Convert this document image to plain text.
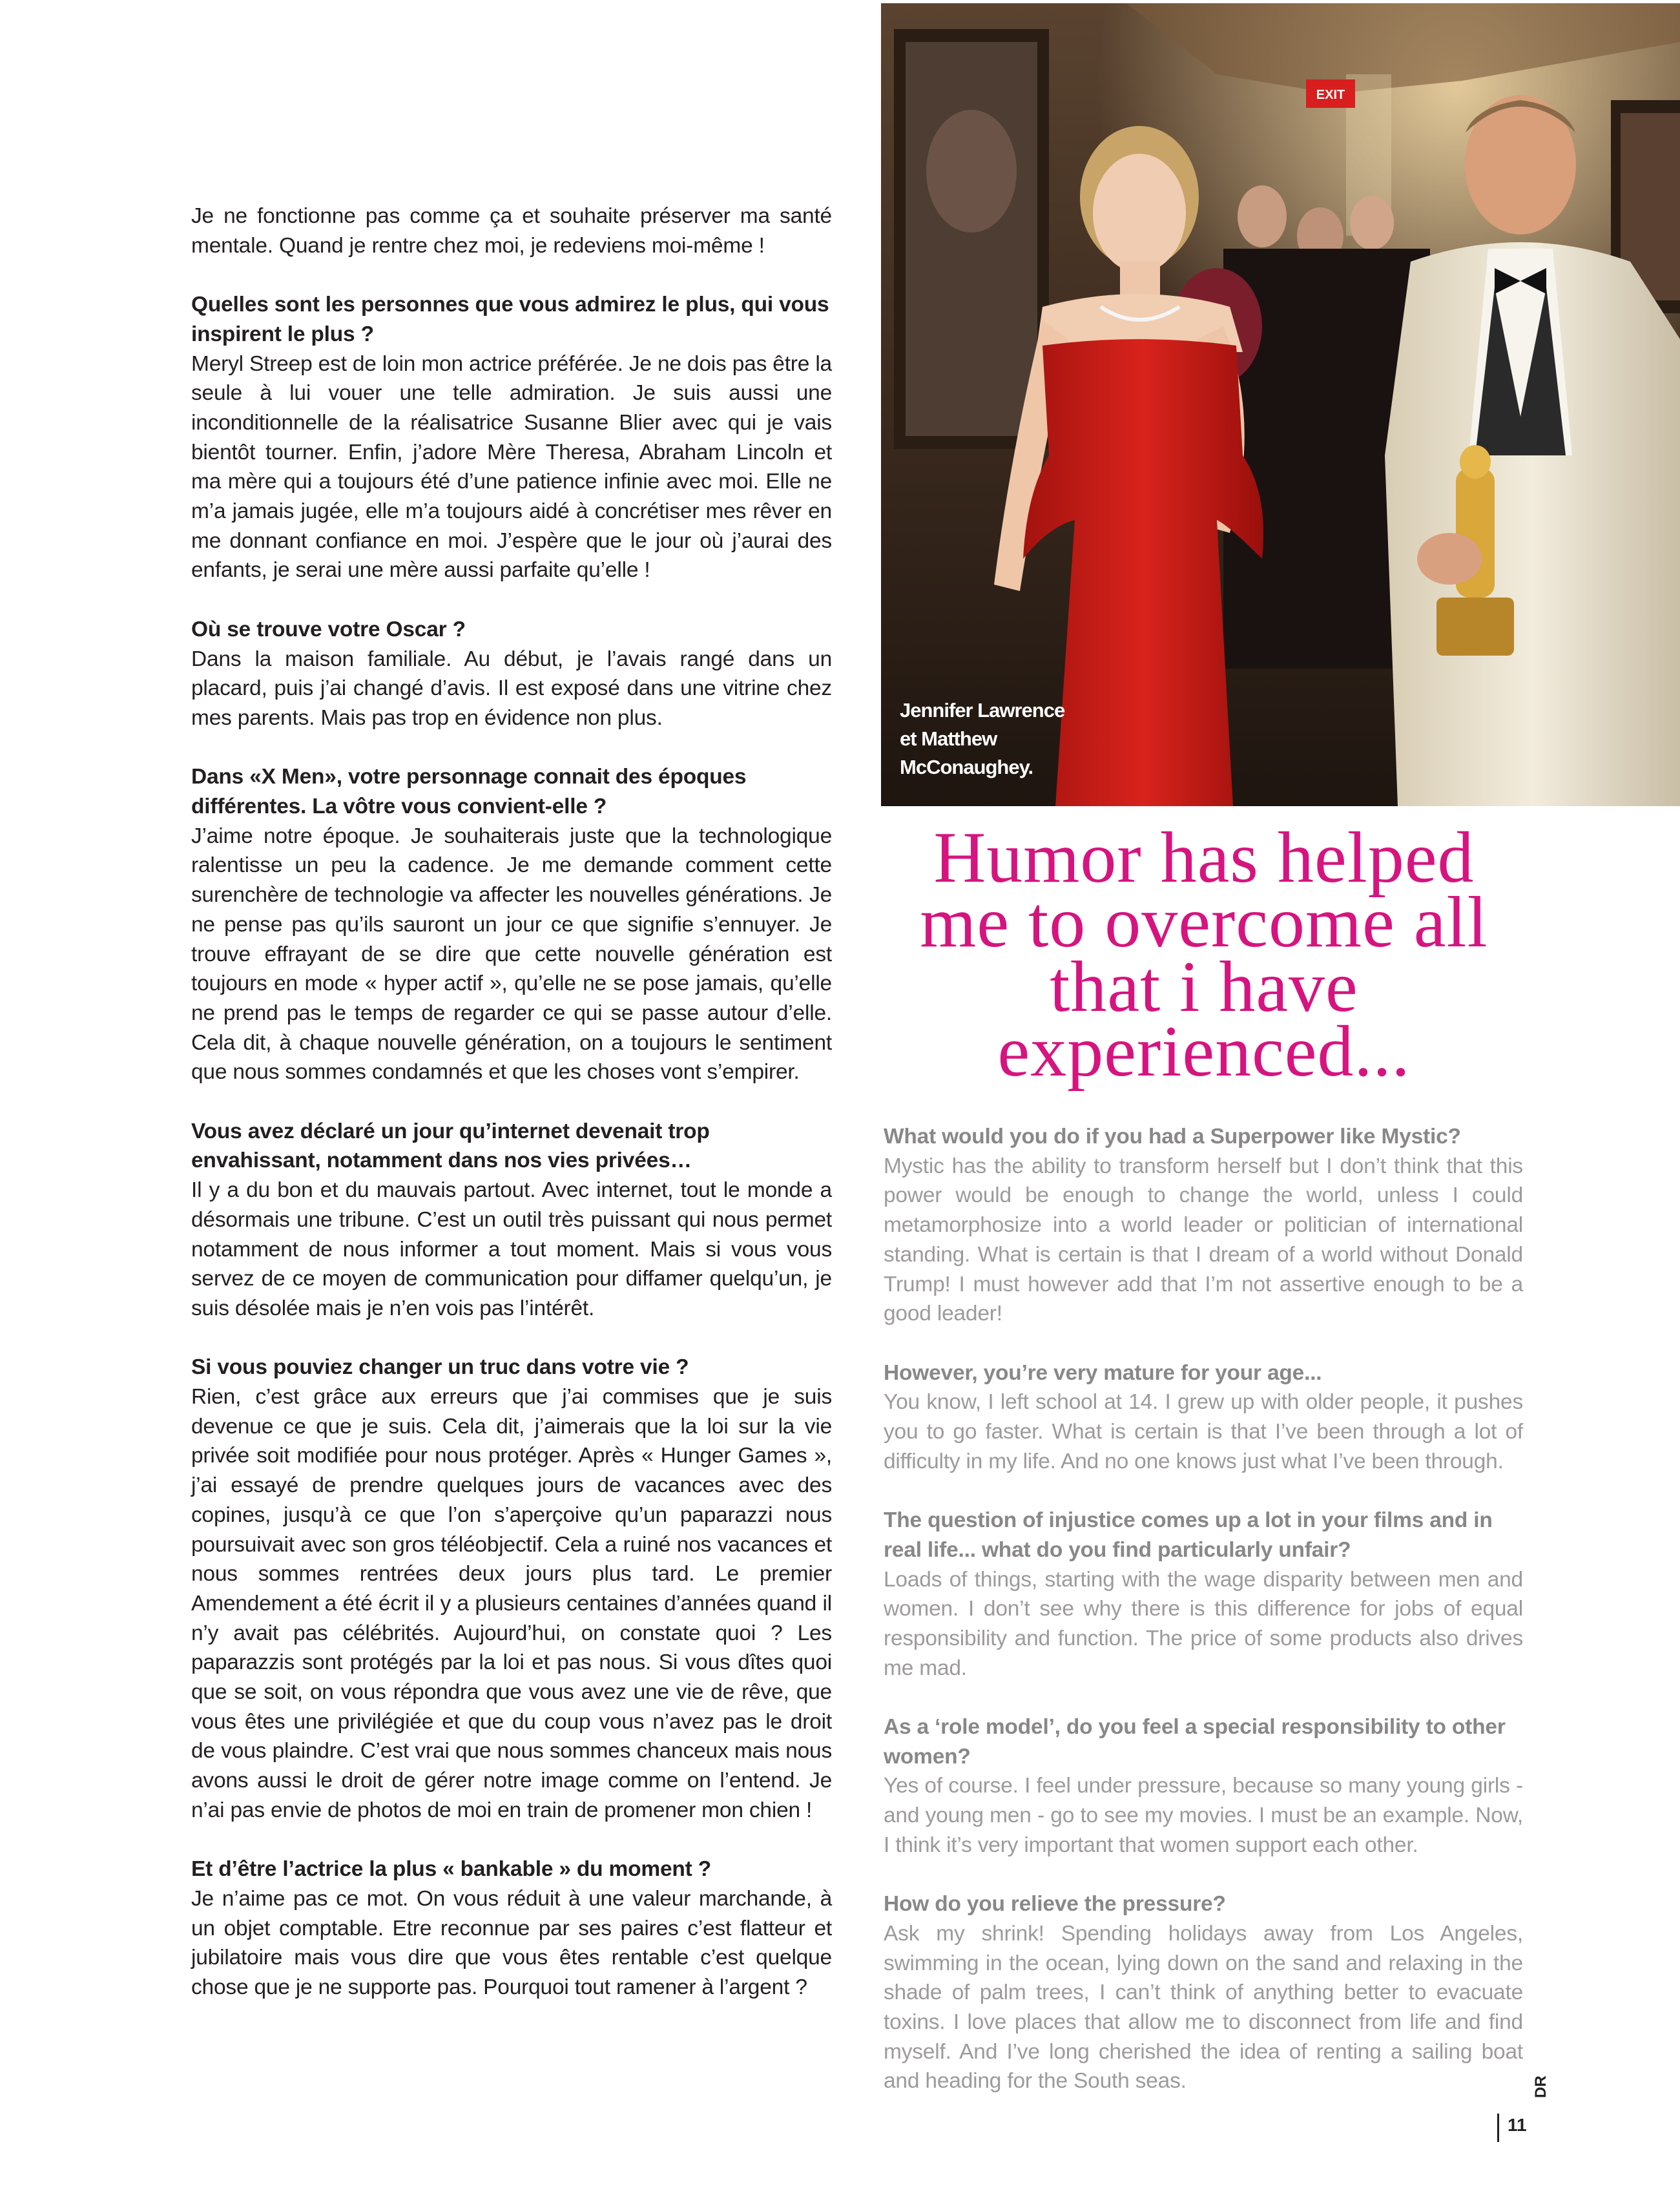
Je ne fonctionne pas comme ça et souhaite préserver ma santé mentale. Quand je rentre chez moi, je redeviens moi-même !
Quelles sont les personnes que vous admirez le plus, qui vous inspirent le plus ?
Meryl Streep est de loin mon actrice préférée. Je ne dois pas être la seule à lui vouer une telle admiration. Je suis aussi une inconditionnelle de la réalisatrice Susanne Blier avec qui je vais bientôt tourner. Enfin, j’adore Mère Theresa, Abraham Lincoln et ma mère qui a toujours été d’une patience infinie avec moi. Elle ne m’a jamais jugée, elle m’a toujours aidé à concrétiser mes rêver en me donnant confiance en moi. J’espère que le jour où j’aurai des enfants, je serai une mère aussi parfaite qu’elle !
Où se trouve votre Oscar ?
Dans la maison familiale. Au début, je l’avais rangé dans un placard, puis j’ai changé d’avis. Il est exposé dans une vitrine chez mes parents. Mais pas trop en évidence non plus.
Dans «X Men», votre personnage connait des époques différentes. La vôtre vous convient-elle ?
J’aime notre époque. Je souhaiterais juste que la technologique ralentisse un peu la cadence. Je me demande comment cette surenchère de technologie va affecter les nouvelles générations. Je ne pense pas qu’ils sauront un jour ce que signifie s’ennuyer. Je trouve effrayant de se dire que cette nouvelle génération est toujours en mode « hyper actif », qu’elle ne se pose jamais, qu’elle ne prend pas le temps de regarder ce qui se passe autour d’elle. Cela dit, à chaque nouvelle génération, on a toujours le sentiment que nous sommes condamnés et que les choses vont s’empirer.
Vous avez déclaré un jour qu’internet devenait trop envahissant, notamment dans nos vies privées…
Il y a du bon et du mauvais partout. Avec internet, tout le monde a désormais une tribune. C’est un outil très puissant qui nous permet notamment de nous informer a tout moment. Mais si vous vous servez de ce moyen de communication pour diffamer quelqu’un, je suis désolée mais je n’en vois pas l’intérêt.
Si vous pouviez changer un truc dans votre vie ?
Rien, c’est grâce aux erreurs que j’ai commises que je suis devenue ce que je suis. Cela dit, j’aimerais que la loi sur la vie privée soit modifiée pour nous protéger. Après « Hunger Games », j’ai essayé de prendre quelques jours de vacances avec des copines, jusqu’à ce que l’on s’aperçoive qu’un paparazzi nous poursuivait avec son gros téléobjectif. Cela a ruiné nos vacances et nous sommes rentrées deux jours plus tard. Le premier Amendement a été écrit il y a plusieurs centaines d’années quand il n’y avait pas célébrités. Aujourd’hui, on constate quoi ? Les paparazzis sont protégés par la loi et pas nous. Si vous dîtes quoi que se soit, on vous répondra que vous avez une vie de rêve, que vous êtes une privilégiée et que du coup vous n’avez pas le droit de vous plaindre. C’est vrai que nous sommes chanceux mais nous avons aussi le droit de gérer notre image comme on l’entend. Je n’ai pas envie de photos de moi en train de promener mon chien !
Et d’être l’actrice la plus « bankable » du moment ?
Je n’aime pas ce mot. On vous réduit à une valeur marchande, à un objet comptable. Etre reconnue par ses paires c’est flatteur et jubilatoire mais vous dire que vous êtes rentable c’est quelque chose que je ne supporte pas. Pourquoi tout ramener à l’argent ?
EXIT
Jennifer Lawrence et Matthew McConaughey.
Humor has helped me to overcome all that i have experienced...
What would you do if you had a Superpower like Mystic?
Mystic has the ability to transform herself but I don’t think that this power would be enough to change the world, unless I could metamorphosize into a world leader or politician of international standing. What is certain is that I dream of a world without Donald Trump! I must however add that I’m not assertive enough to be a good leader!
However, you’re very mature for your age...
You know, I left school at 14. I grew up with older people, it pushes you to go faster. What is certain is that I’ve been through a lot of difficulty in my life. And no one knows just what I’ve been through.
The question of injustice comes up a lot in your films and in real life... what do you find particularly unfair?
Loads of things, starting with the wage disparity between men and women. I don’t see why there is this difference for jobs of equal responsibility and function. The price of some products also drives me mad.
As a ‘role model’, do you feel a special responsibility to other women?
Yes of course. I feel under pressure, because so many young girls - and young men - go to see my movies. I must be an example. Now, I think it’s very important that women support each other.
How do you relieve the pressure?
Ask my shrink! Spending holidays away from Los Angeles, swimming in the ocean, lying down on the sand and relaxing in the shade of palm trees, I can’t think of anything better to evacuate toxins. I love places that allow me to disconnect from life and find myself. And I’ve long cherished the idea of renting a sailing boat and heading for the South seas.	DR
11
